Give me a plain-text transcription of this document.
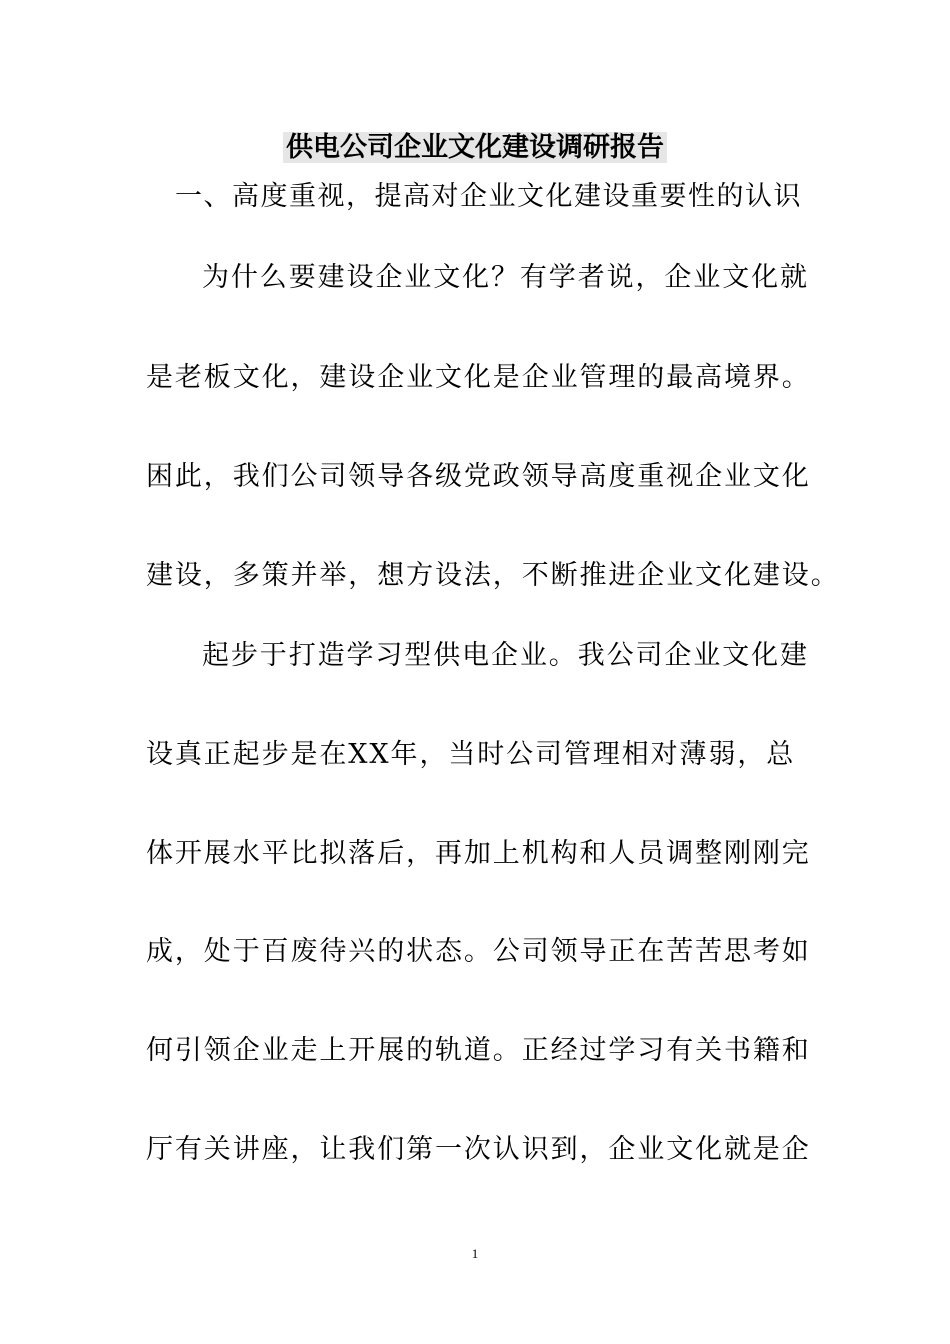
供电公司企业文化建设调研报告

一、高度重视，提高对企业文化建设重要性的认识

为什么要建设企业文化？有学者说，企业文化就

是老板文化，建设企业文化是企业管理的最高境界。

困此，我们公司领导各级党政领导高度重视企业文化

建设，多策并举，想方设法，不断推进企业文化建设。

起步于打造学习型供电企业。我公司企业文化建

设真正起步是在XX年，当时公司管理相对薄弱，总

体开展水平比拟落后，再加上机构和人员调整刚刚完

成，处于百废待兴的状态。公司领导正在苦苦思考如

何引领企业走上开展的轨道。正经过学习有关书籍和

厅有关讲座，让我们第一次认识到，企业文化就是企

1
